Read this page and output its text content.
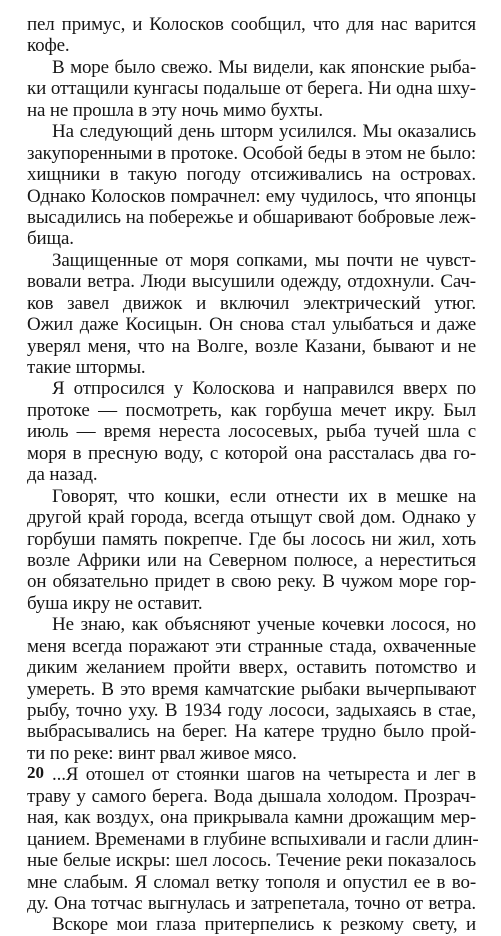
пел примус, и Колосков сообщил, что для нас варится
кофе.
В море было свежо. Мы видели, как японские рыба-
ки оттащили кунгасы подальше от берега. Ни одна шху-
на не прошла в эту ночь мимо бухты.
На следующий день шторм усилился. Мы оказались
закупоренными в протоке. Особой беды в этом не было:
хищники в такую погоду отсиживались на островах.
Однако Колосков помрачнел: ему чудилось, что японцы
высадились на побережье и обшаривают бобровые леж-
бища.
Защищенные от моря сопками, мы почти не чувст-
вовали ветра. Люди высушили одежду, отдохнули. Сач-
ков завел движок и включил электрический утюг.
Ожил даже Косицын. Он снова стал улыбаться и даже
уверял меня, что на Волге, возле Казани, бывают и не
такие штормы.
Я отпросился у Колоскова и направился вверх по
протоке — посмотреть, как горбуша мечет икру. Был
июль — время нереста лососевых, рыба тучей шла с
моря в пресную воду, с которой она рассталась два го-
да назад.
Говорят, что кошки, если отнести их в мешке на
другой край города, всегда отыщут свой дом. Однако у
горбуши память покрепче. Где бы лосось ни жил, хоть
возле Африки или на Северном полюсе, а нереститься
он обязательно придет в свою реку. В чужом море гор-
буша икру не оставит.
Не знаю, как объясняют ученые кочевки лосося, но
меня всегда поражают эти странные стада, охваченные
диким желанием пройти вверх, оставить потомство и
умереть. В это время камчатские рыбаки вычерпывают
рыбу, точно уху. В 1934 году лососи, задыхаясь в стае,
выбрасывались на берег. На катере трудно было прой-
ти по реке: винт рвал живое мясо.
...Я отошел от стоянки шагов на четыреста и лег в
траву у самого берега. Вода дышала холодом. Прозрач-
ная, как воздух, она прикрывала камни дрожащим мер-
цанием. Временами в глубине вспыхивали и гасли длин-
ные белые искры: шел лосось. Течение реки показалось
мне слабым. Я сломал ветку тополя и опустил ее в во-
ду. Она тотчас выгнулась и затрепетала, точно от ветра.
Вскоре мои глаза притерпелись к резкому свету, и
20
